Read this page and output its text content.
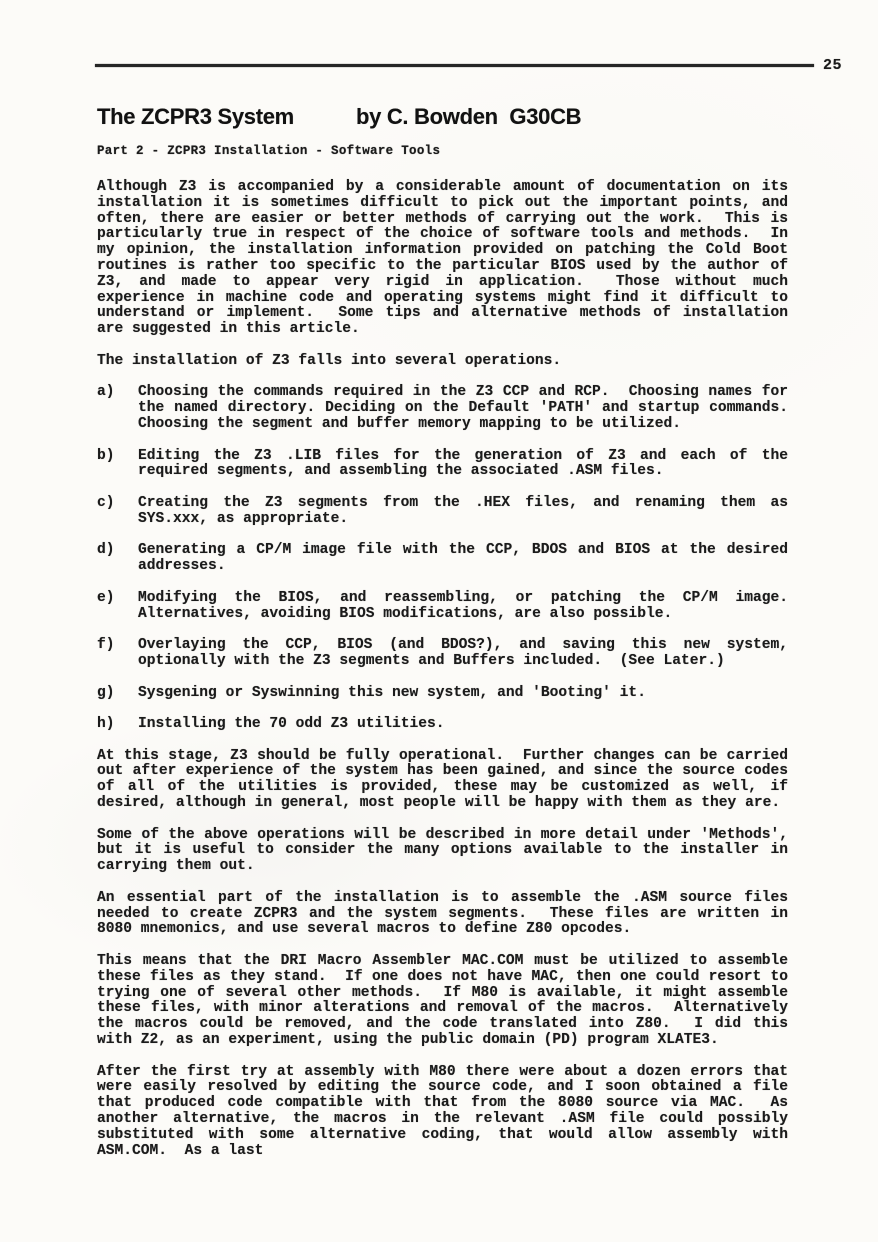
25
The ZCPR3 System	by C. Bowden  G30CB
Part 2 - ZCPR3 Installation - Software Tools

Although Z3 is accompanied by a considerable amount of documentation on its installation it is sometimes difficult to pick out the important points, and often, there are easier or better methods of carrying out the work.  This is particularly true in respect of the choice of software tools and methods.  In my opinion, the installation information provided on patching the Cold Boot routines is rather too specific to the particular BIOS used by the author of Z3, and made to appear very rigid in application.  Those without much experience in machine code and operating systems might find it difficult to understand or implement.  Some tips and alternative methods of installation are suggested in this article.

The installation of Z3 falls into several operations.

a)	Choosing the commands required in the Z3 CCP and RCP.  Choosing names for the named directory. Deciding on the Default 'PATH' and startup commands. Choosing the segment and buffer memory mapping to be utilized.
b)	Editing the Z3 .LIB files for the generation of Z3 and each of the required segments, and assembling the associated .ASM files.
c)	Creating the Z3 segments from the .HEX files, and renaming them as SYS.xxx, as appropriate.
d)	Generating a CP/M image file with the CCP, BDOS and BIOS at the desired addresses.
e)	Modifying the BIOS, and reassembling, or patching the CP/M image. Alternatives, avoiding BIOS modifications, are also possible.
f)	Overlaying the CCP, BIOS (and BDOS?), and saving this new system, optionally with the Z3 segments and Buffers included.  (See Later.)
g)	Sysgening or Syswinning this new system, and 'Booting' it.
h)	Installing the 70 odd Z3 utilities.

At this stage, Z3 should be fully operational.  Further changes can be carried out after experience of the system has been gained, and since the source codes of all of the utilities is provided, these may be customized as well, if desired, although in general, most people will be happy with them as they are.

Some of the above operations will be described in more detail under 'Methods', but it is useful to consider the many options available to the installer in carrying them out.

An essential part of the installation is to assemble the .ASM source files needed to create ZCPR3 and the system segments.  These files are written in 8080 mnemonics, and use several macros to define Z80 opcodes.

This means that the DRI Macro Assembler MAC.COM must be utilized to assemble these files as they stand.  If one does not have MAC, then one could resort to trying one of several other methods.  If M80 is available, it might assemble these files, with minor alterations and removal of the macros.  Alternatively the macros could be removed, and the code translated into Z80.  I did this with Z2, as an experiment, using the public domain (PD) program XLATE3.

After the first try at assembly with M80 there were about a dozen errors that were easily resolved by editing the source code, and I soon obtained a file that produced code compatible with that from the 8080 source via MAC.  As another alternative, the macros in the relevant .ASM file could possibly substituted with some alternative coding, that would allow assembly with ASM.COM.  As a last
